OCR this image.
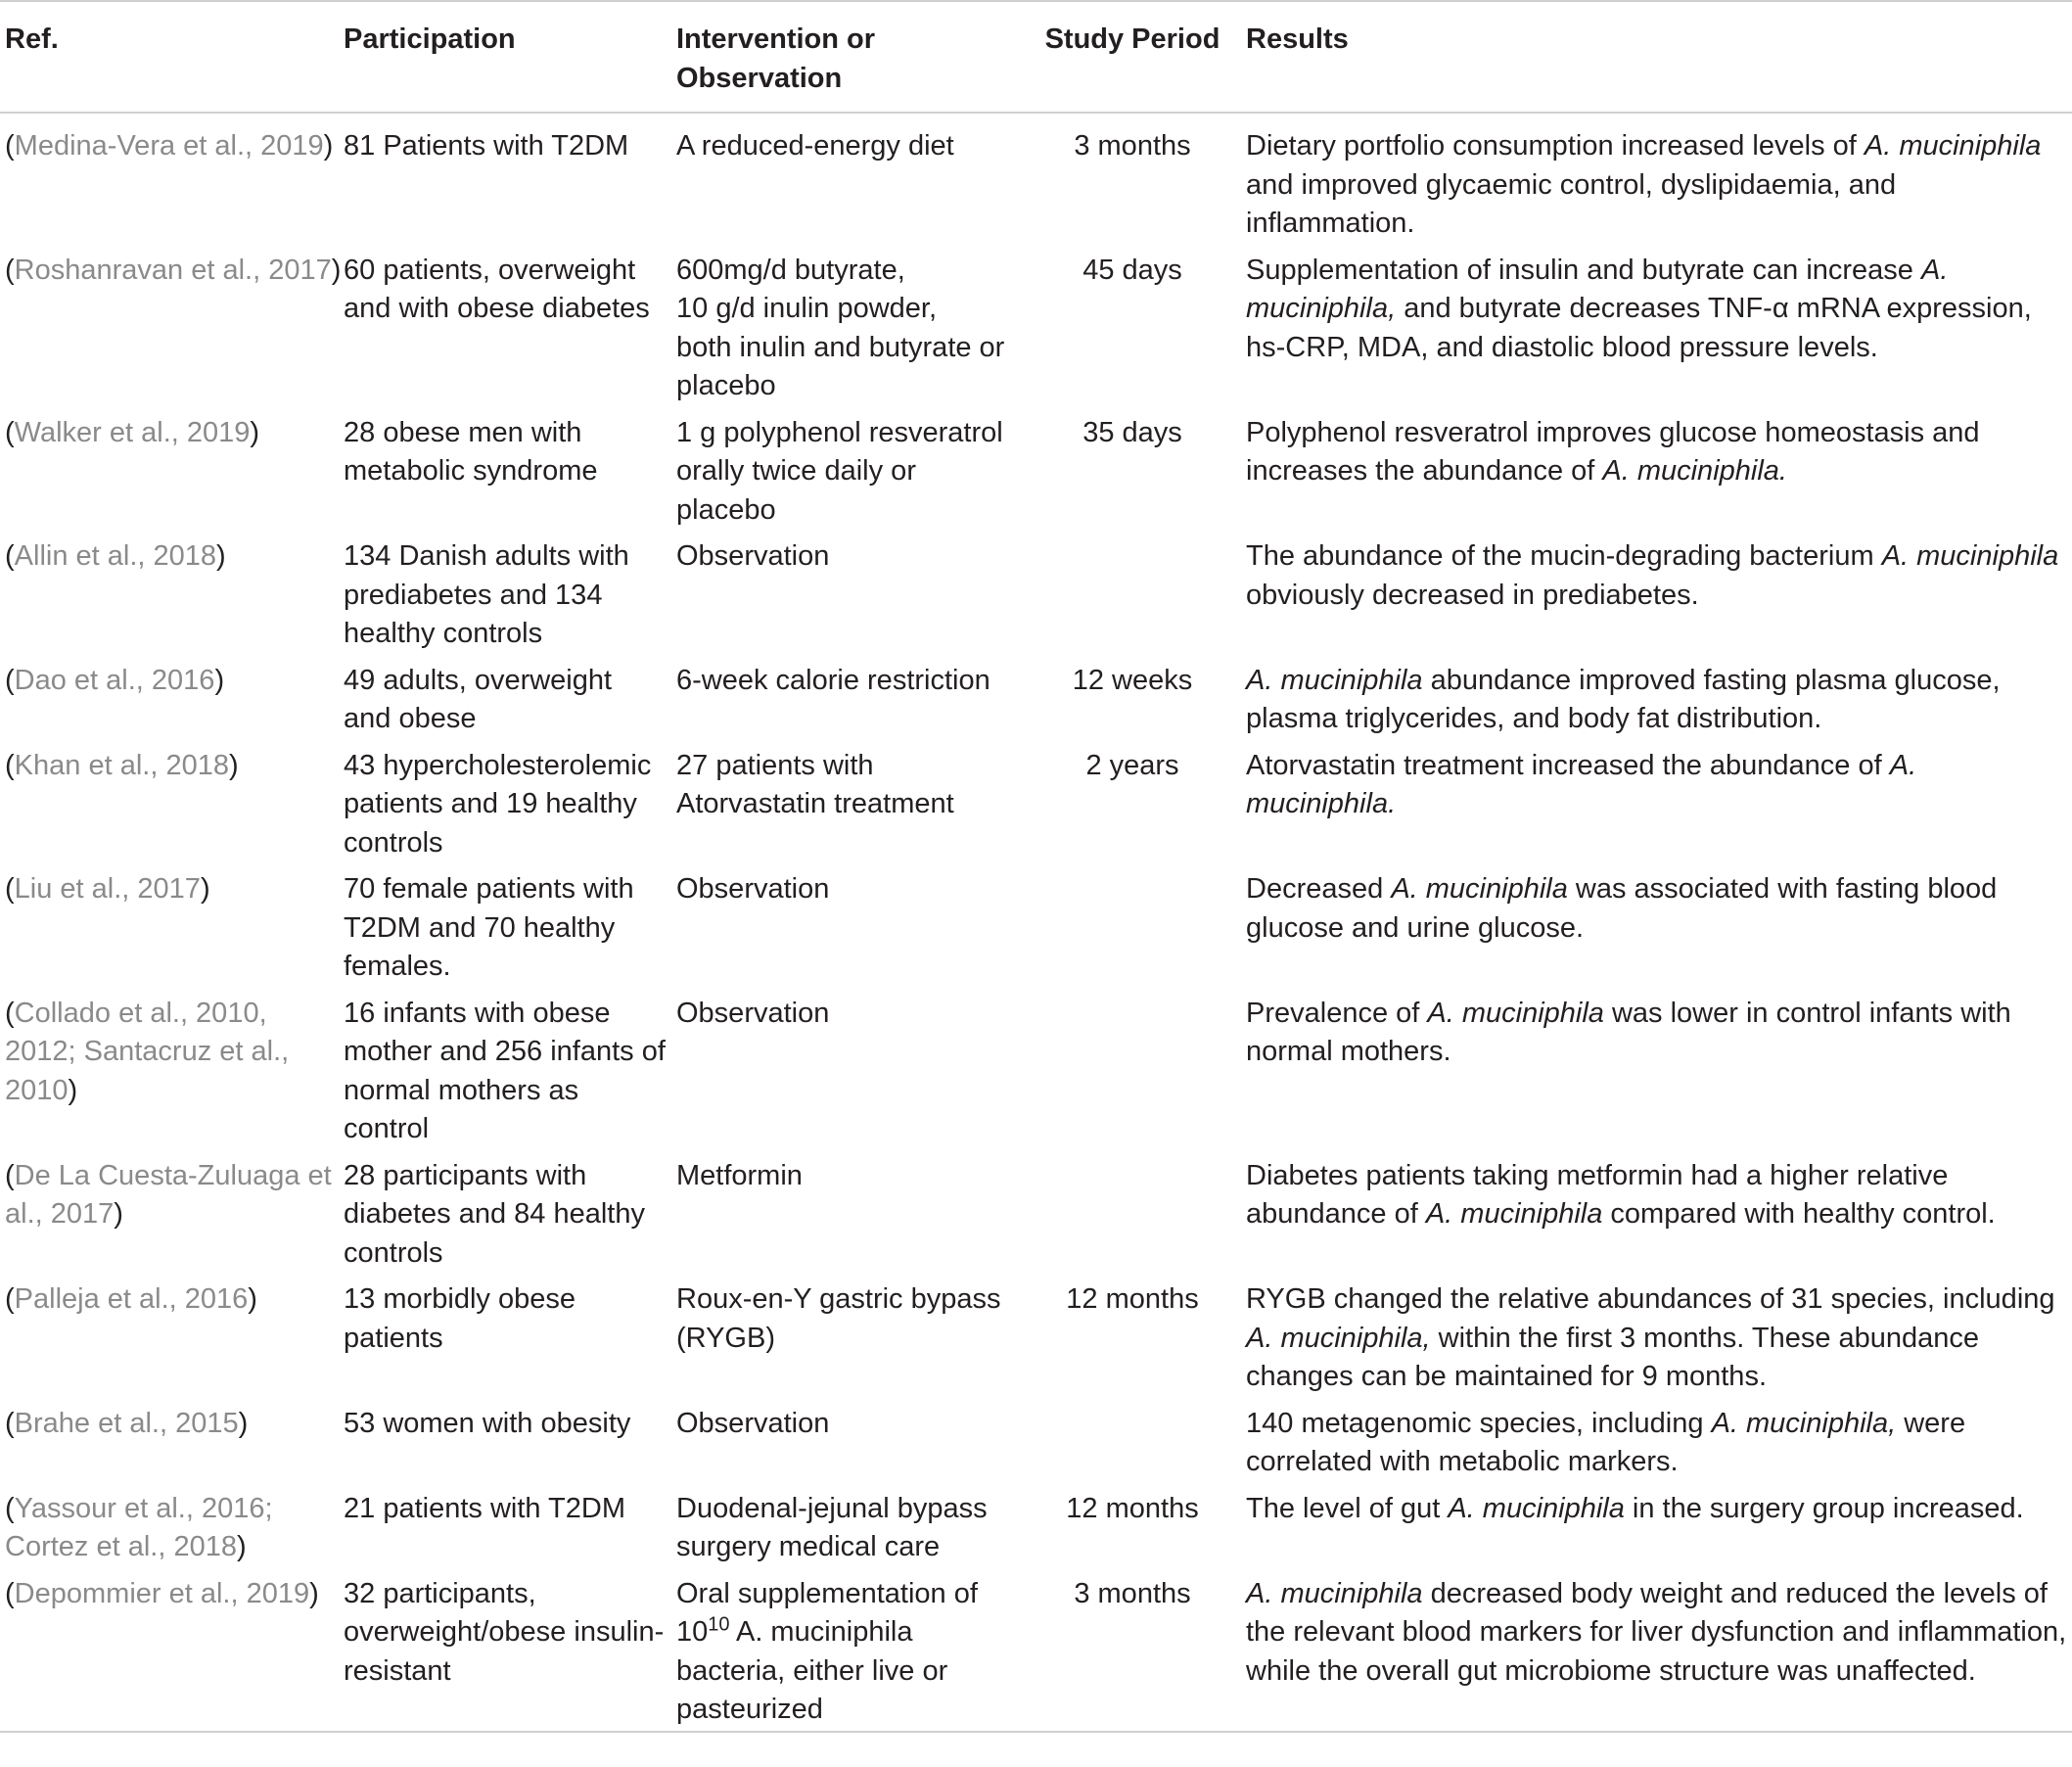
Ref.	Participation	Intervention or
Observation	Study Period	Results
(Medina-Vera et al., 2019)	81 Patients with T2DM	A reduced-energy diet	3 months	Dietary portfolio consumption increased levels of A. muciniphila and improved glycaemic control, dyslipidaemia, and inflammation.
(Roshanravan et al., 2017)	60 patients, overweight and with obese diabetes	600mg/d butyrate,
10 g/d inulin powder,
both inulin and butyrate or placebo	45 days	Supplementation of insulin and butyrate can increase A. muciniphila, and butyrate decreases TNF-α mRNA expression, hs-CRP, MDA, and diastolic blood pressure levels.
(Walker et al., 2019)	28 obese men with metabolic syndrome	1 g polyphenol resveratrol orally twice daily or placebo	35 days	Polyphenol resveratrol improves glucose homeostasis and increases the abundance of A. muciniphila.
(Allin et al., 2018)	134 Danish adults with prediabetes and 134 healthy controls	Observation		The abundance of the mucin-degrading bacterium A. muciniphila obviously decreased in prediabetes.
(Dao et al., 2016)	49 adults, overweight and obese	6-week calorie restriction	12 weeks	A. muciniphila abundance improved fasting plasma glucose, plasma triglycerides, and body fat distribution.
(Khan et al., 2018)	43 hypercholesterolemic patients and 19 healthy controls	27 patients with Atorvastatin treatment	2 years	Atorvastatin treatment increased the abundance of A. muciniphila.
(Liu et al., 2017)	70 female patients with T2DM and 70 healthy females.	Observation		Decreased A. muciniphila was associated with fasting blood glucose and urine glucose.
(Collado et al., 2010, 2012; Santacruz et al., 2010)	16 infants with obese mother and 256 infants of normal mothers as control	Observation		Prevalence of A. muciniphila was lower in control infants with normal mothers.
(De La Cuesta-Zuluaga et al., 2017)	28 participants with diabetes and 84 healthy controls	Metformin		Diabetes patients taking metformin had a higher relative abundance of A. muciniphila compared with healthy control.
(Palleja et al., 2016)	13 morbidly obese patients	Roux-en-Y gastric bypass (RYGB)	12 months	RYGB changed the relative abundances of 31 species, including A. muciniphila, within the first 3 months. These abundance changes can be maintained for 9 months.
(Brahe et al., 2015)	53 women with obesity	Observation		140 metagenomic species, including A. muciniphila, were correlated with metabolic markers.
(Yassour et al., 2016; Cortez et al., 2018)	21 patients with T2DM	Duodenal-jejunal bypass surgery medical care	12 months	The level of gut A. muciniphila in the surgery group increased.
(Depommier et al., 2019)	32 participants, overweight/obese insulin-resistant	Oral supplementation of $10^{10}$ A. muciniphila bacteria, either live or pasteurized	3 months	A. muciniphila decreased body weight and reduced the levels of the relevant blood markers for liver dysfunction and inflammation, while the overall gut microbiome structure was unaffected.
